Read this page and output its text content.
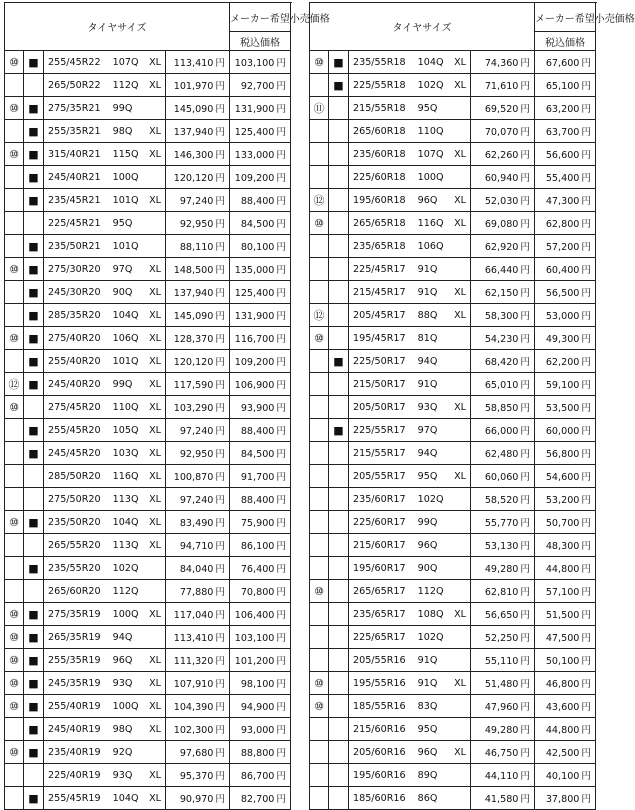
タイヤサイズ					メーカー希望小売価格	
					税込価格	
⑩	■	255/45R22 107Q	XL	113,410 円	103,100 円	
		265/50R22 112Q	XL	101,970 円	92,700 円	
⑩	■	275/35R21 99Q		145,090 円	131,900 円	
	■	255/35R21 98Q	XL	137,940 円	125,400 円	
⑩	■	315/40R21 115Q	XL	146,300 円	133,000 円	
	■	245/40R21 100Q		120,120 円	109,200 円	
	■	235/45R21 101Q	XL	97,240 円	88,400 円	
		225/45R21 95Q		92,950 円	84,500 円	
	■	235/50R21 101Q		88,110 円	80,100 円	
⑩	■	275/30R20 97Q	XL	148,500 円	135,000 円	
	■	245/30R20 90Q	XL	137,940 円	125,400 円	
	■	285/35R20 104Q	XL	145,090 円	131,900 円	
⑩	■	275/40R20 106Q	XL	128,370 円	116,700 円	
	■	255/40R20 101Q	XL	120,120 円	109,200 円	
⑫	■	245/40R20 99Q	XL	117,590 円	106,900 円	
⑩		275/45R20 110Q	XL	103,290 円	93,900 円	
	■	255/45R20 105Q	XL	97,240 円	88,400 円	
	■	245/45R20 103Q	XL	92,950 円	84,500 円	
		285/50R20 116Q	XL	100,870 円	91,700 円	
		275/50R20 113Q	XL	97,240 円	88,400 円	
⑩	■	235/50R20 104Q	XL	83,490 円	75,900 円	
		265/55R20 113Q	XL	94,710 円	86,100 円	
	■	235/55R20 102Q		84,040 円	76,400 円	
		265/60R20 112Q		77,880 円	70,800 円	
⑩	■	275/35R19 100Q	XL	117,040 円	106,400 円	
⑩	■	265/35R19 94Q		113,410 円	103,100 円	
⑩	■	255/35R19 96Q	XL	111,320 円	101,200 円	
⑩	■	245/35R19 93Q	XL	107,910 円	98,100 円	
⑩	■	255/40R19 100Q	XL	104,390 円	94,900 円	
	■	245/40R19 98Q	XL	102,300 円	93,000 円	
⑩	■	235/40R19 92Q		97,680 円	88,800 円	
		225/40R19 93Q	XL	95,370 円	86,700 円	
	■	255/45R19 104Q	XL	90,970 円	82,700 円	
タイヤサイズ					メーカー希望小売価格	
					税込価格	
⑩	■	235/55R18 104Q	XL	74,360 円	67,600 円	
	■	225/55R18 102Q	XL	71,610 円	65,100 円	
⑪		215/55R18 95Q		69,520 円	63,200 円	
		265/60R18 110Q		70,070 円	63,700 円	
		235/60R18 107Q	XL	62,260 円	56,600 円	
		225/60R18 100Q		60,940 円	55,400 円	
⑫		195/60R18 96Q	XL	52,030 円	47,300 円	
⑩		265/65R18 116Q	XL	69,080 円	62,800 円	
		235/65R18 106Q		62,920 円	57,200 円	
		225/45R17 91Q		66,440 円	60,400 円	
		215/45R17 91Q	XL	62,150 円	56,500 円	
⑫		205/45R17 88Q	XL	58,300 円	53,000 円	
⑩		195/45R17 81Q		54,230 円	49,300 円	
	■	225/50R17 94Q		68,420 円	62,200 円	
		215/50R17 91Q		65,010 円	59,100 円	
		205/50R17 93Q	XL	58,850 円	53,500 円	
	■	225/55R17 97Q		66,000 円	60,000 円	
		215/55R17 94Q		62,480 円	56,800 円	
		205/55R17 95Q	XL	60,060 円	54,600 円	
		235/60R17 102Q		58,520 円	53,200 円	
		225/60R17 99Q		55,770 円	50,700 円	
		215/60R17 96Q		53,130 円	48,300 円	
		195/60R17 90Q		49,280 円	44,800 円	
⑩		265/65R17 112Q		62,810 円	57,100 円	
		235/65R17 108Q	XL	56,650 円	51,500 円	
		225/65R17 102Q		52,250 円	47,500 円	
		205/55R16 91Q		55,110 円	50,100 円	
⑩		195/55R16 91Q	XL	51,480 円	46,800 円	
⑩		185/55R16 83Q		47,960 円	43,600 円	
		215/60R16 95Q		49,280 円	44,800 円	
		205/60R16 96Q	XL	46,750 円	42,500 円	
		195/60R16 89Q		44,110 円	40,100 円	
		185/60R16 86Q		41,580 円	37,800 円	
